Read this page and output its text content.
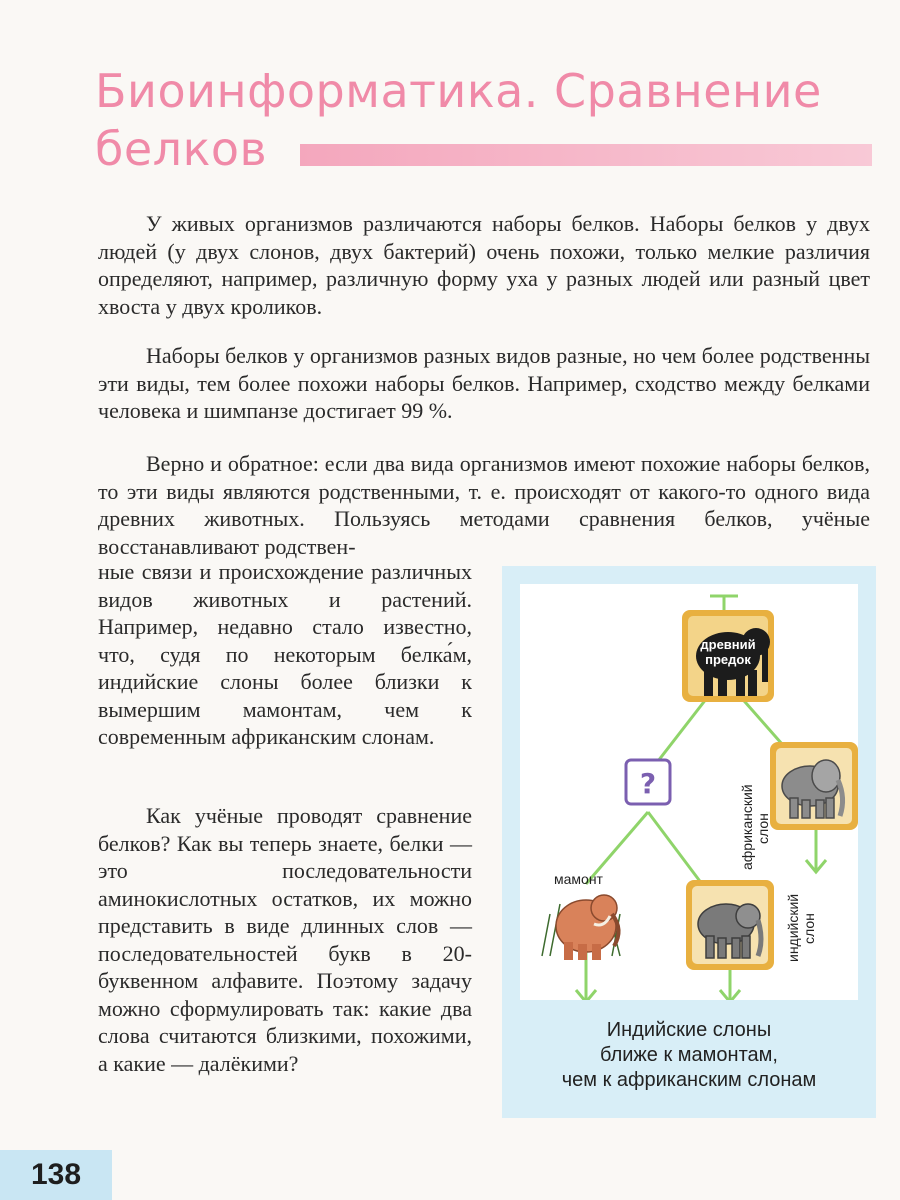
Биоинформатика. Сравнение
белков

У живых организмов различаются наборы белков. Наборы белков у двух людей (у двух слонов, двух бактерий) очень похожи, только мелкие различия определяют, например, различную форму уха у разных людей или разный цвет хвоста у двух кроликов.

Наборы белков у организмов разных видов разные, но чем более родственны эти виды, тем более похожи наборы белков. Например, сходство между белками человека и шимпанзе достигает 99 %.

Верно и обратное: если два вида организмов имеют похожие наборы белков, то эти виды являются родственными, т. е. происходят от какого-то одного вида древних животных. Пользуясь методами сравнения белков, учёные восстанавливают родствен-

ные связи и происхождение различных видов животных и растений. Например, недавно стало известно, что, судя по некоторым белка́м, индийские слоны более близки к вымершим мамонтам, чем к современным африканским слонам.

Как учёные проводят сравнение белков? Как вы теперь знаете, белки — это последовательности аминокислотных остатков, их можно представить в виде длинных слов — последовательностей букв в 20-буквенном алфавите. Поэтому задачу можно сформулировать так: какие два слова считаются близкими, похожими, а какие — далёкими?

древний
предок
?
африканский слон
мамонт
индийский слон
Индийские слоны
ближе к мамонтам,
чем к африканским слонам
138
